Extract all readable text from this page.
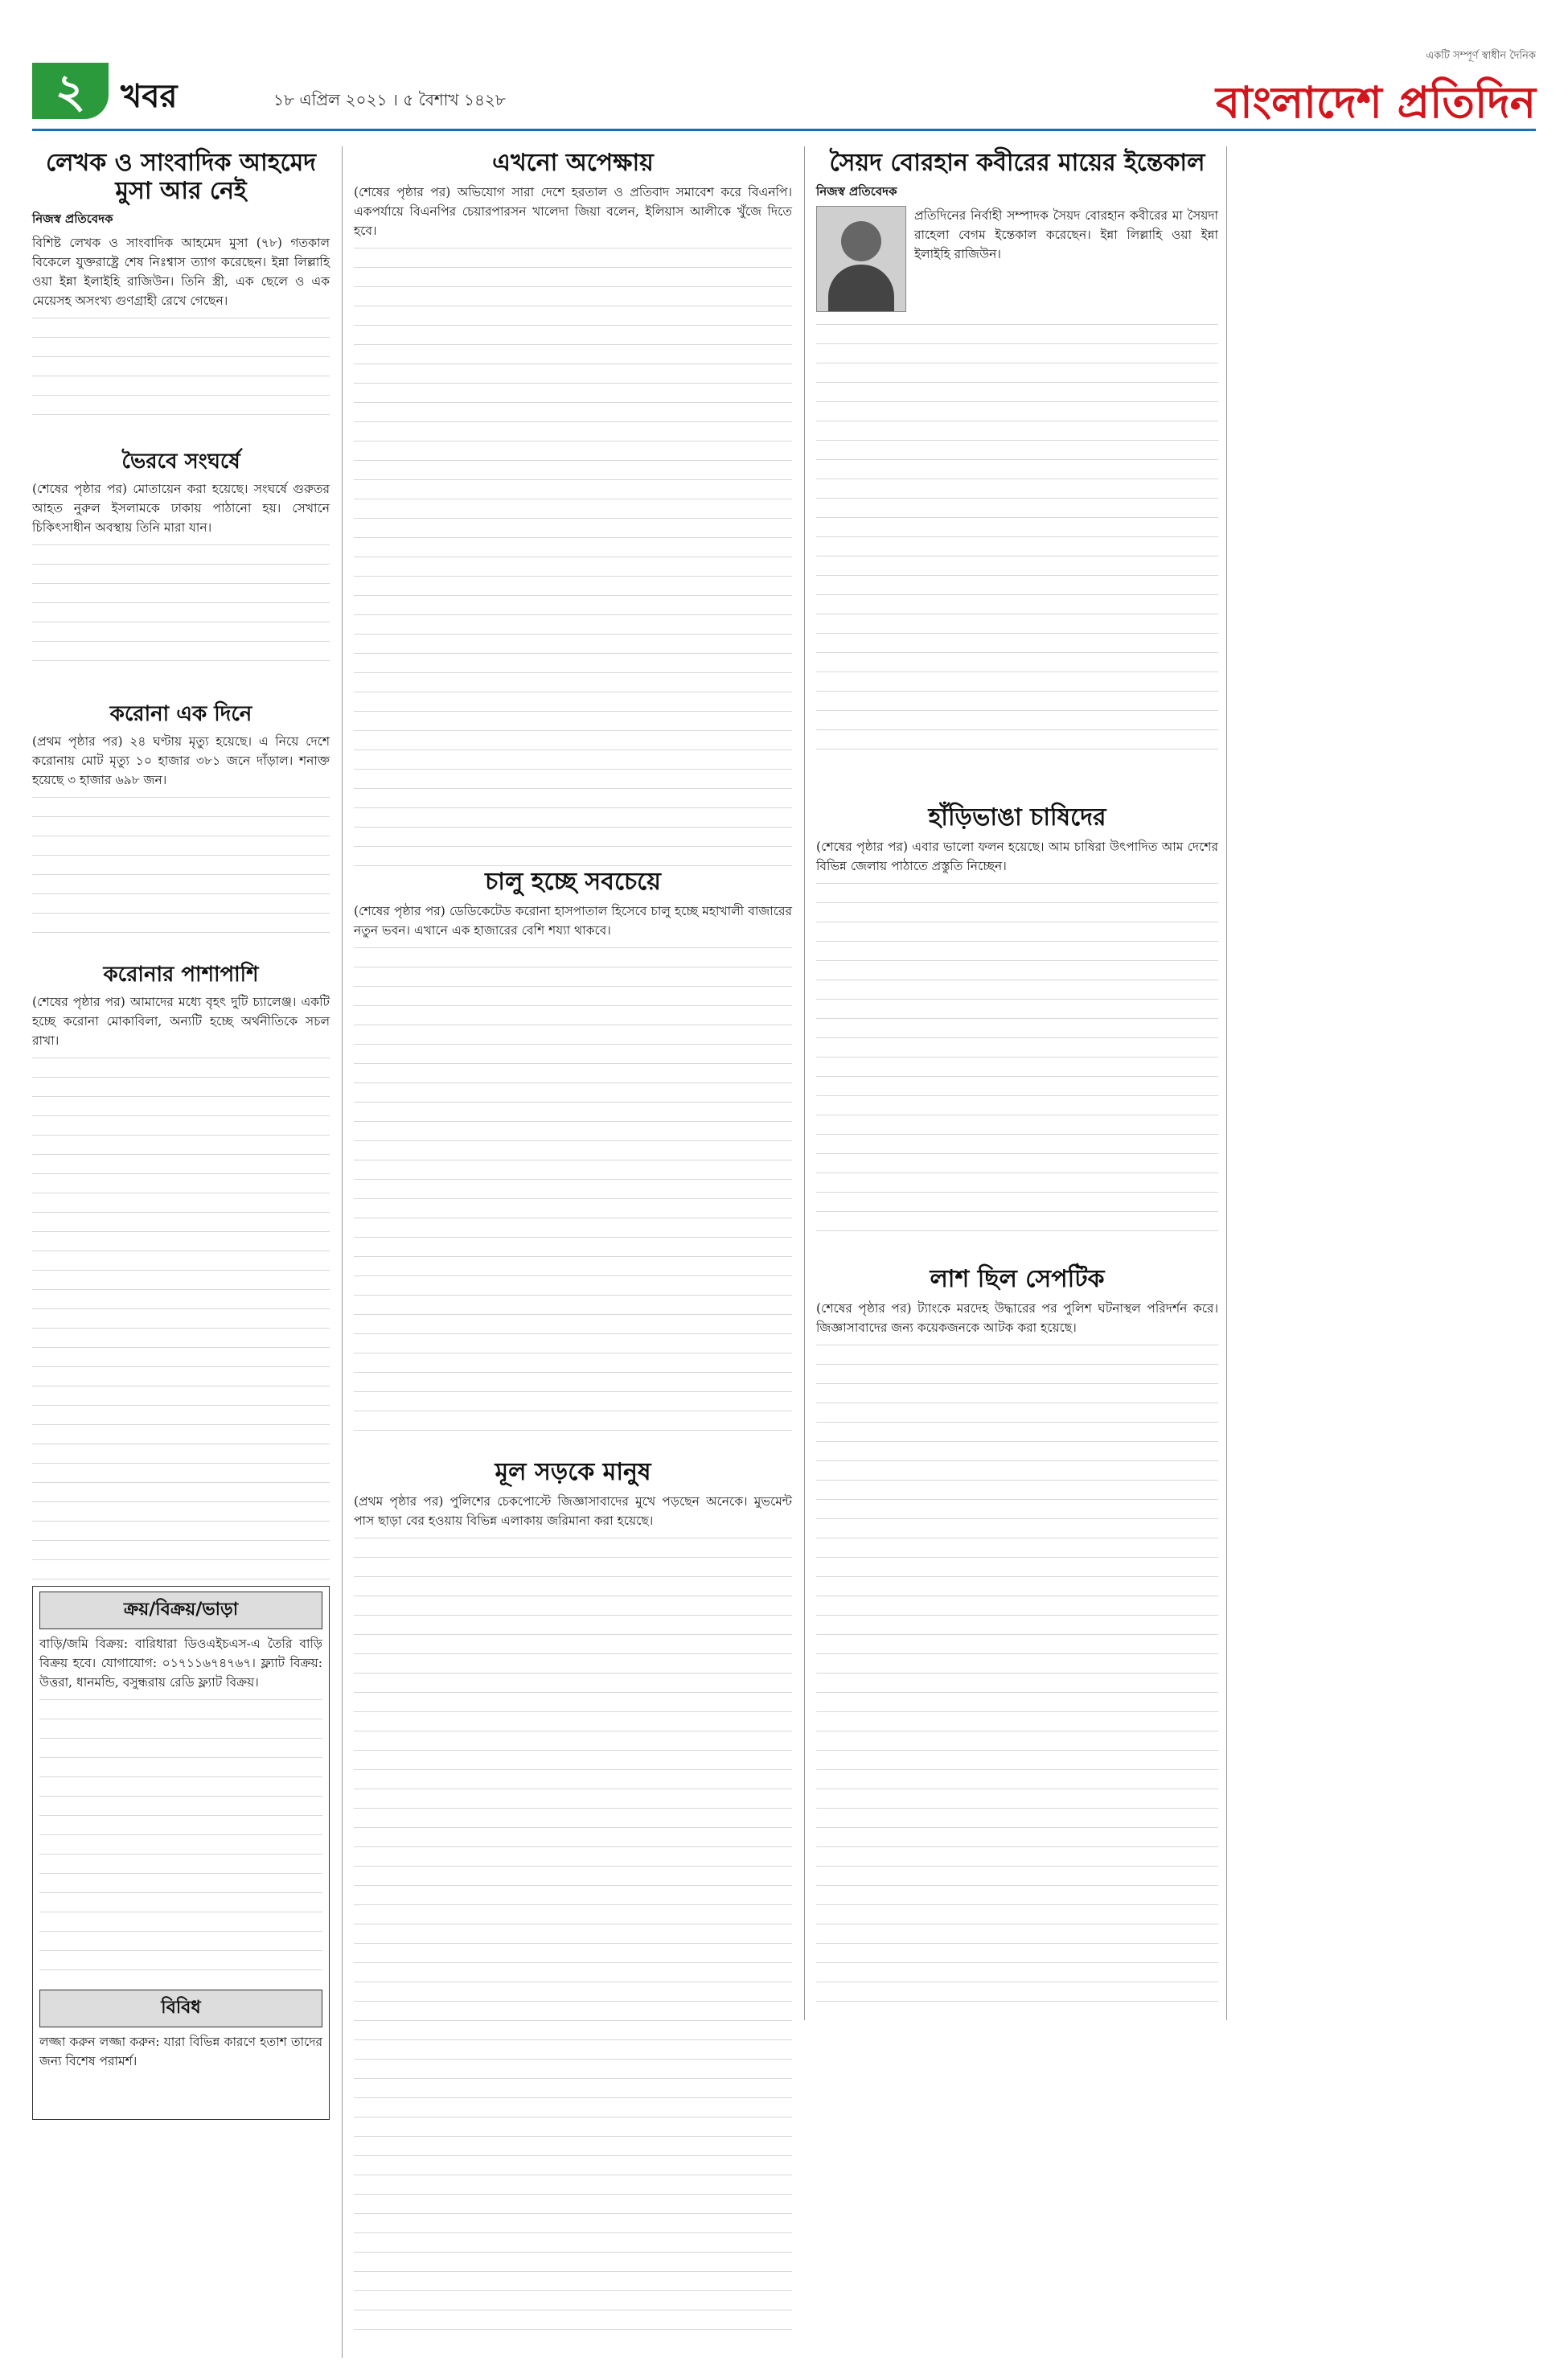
২	খবর	১৮ এপ্রিল ২০২১ । ৫ বৈশাখ ১৪২৮
একটি সম্পূর্ণ স্বাধীন দৈনিক
বাংলাদেশ প্রতিদিন
লেখক ও সাংবাদিক আহমেদ মুসা আর নেই
নিজস্ব প্রতিবেদক
বিশিষ্ট লেখক ও সাংবাদিক আহমেদ মুসা (৭৮) গতকাল বিকেলে যুক্তরাষ্ট্রে শেষ নিঃশ্বাস ত্যাগ করেছেন। ইন্না লিল্লাহি ওয়া ইন্না ইলাইহি রাজিউন। তিনি স্ত্রী, এক ছেলে ও এক মেয়েসহ অসংখ্য গুণগ্রাহী রেখে গেছেন।
ভৈরবে সংঘর্ষে
(শেষের পৃষ্ঠার পর) মোতায়েন করা হয়েছে। সংঘর্ষে গুরুতর আহত নুরুল ইসলামকে ঢাকায় পাঠানো হয়। সেখানে চিকিৎসাধীন অবস্থায় তিনি মারা যান।
করোনা এক দিনে
(প্রথম পৃষ্ঠার পর) ২৪ ঘণ্টায় মৃত্যু হয়েছে। এ নিয়ে দেশে করোনায় মোট মৃত্যু ১০ হাজার ৩৮১ জনে দাঁড়াল। শনাক্ত হয়েছে ৩ হাজার ৬৯৮ জন।
করোনার পাশাপাশি
(শেষের পৃষ্ঠার পর) আমাদের মধ্যে বৃহৎ দুটি চ্যালেঞ্জ। একটি হচ্ছে করোনা মোকাবিলা, অন্যটি হচ্ছে অর্থনীতিকে সচল রাখা।
ক্রয়/বিক্রয়/ভাড়া
বাড়ি/জমি বিক্রয়: বারিধারা ডিওএইচএস-এ তৈরি বাড়ি বিক্রয় হবে। যোগাযোগ: ০১৭১১৬৭৪৭৬৭। ফ্ল্যাট বিক্রয়: উত্তরা, ধানমন্ডি, বসুন্ধরায় রেডি ফ্ল্যাট বিক্রয়।
বিবিধ
লজ্জা করুন লজ্জা করুন: যারা বিভিন্ন কারণে হতাশ তাদের জন্য বিশেষ পরামর্শ।
এখনো অপেক্ষায়
(শেষের পৃষ্ঠার পর) অভিযোগ সারা দেশে হরতাল ও প্রতিবাদ সমাবেশ করে বিএনপি। একপর্যায়ে বিএনপির চেয়ারপারসন খালেদা জিয়া বলেন, ইলিয়াস আলীকে খুঁজে দিতে হবে।
চালু হচ্ছে সবচেয়ে
(শেষের পৃষ্ঠার পর) ডেডিকেটেড করোনা হাসপাতাল হিসেবে চালু হচ্ছে মহাখালী বাজারের নতুন ভবন। এখানে এক হাজারের বেশি শয্যা থাকবে।
মূল সড়কে মানুষ
(প্রথম পৃষ্ঠার পর) পুলিশের চেকপোস্টে জিজ্ঞাসাবাদের মুখে পড়ছেন অনেকে। মুভমেন্ট পাস ছাড়া বের হওয়ায় বিভিন্ন এলাকায় জরিমানা করা হয়েছে।
সৈয়দ বোরহান কবীরের মায়ের ইন্তেকাল
নিজস্ব প্রতিবেদক
প্রতিদিনের নির্বাহী সম্পাদক সৈয়দ বোরহান কবীরের মা সৈয়দা রাহেলা বেগম ইন্তেকাল করেছেন। ইন্না লিল্লাহি ওয়া ইন্না ইলাইহি রাজিউন।
হাঁড়িভাঙা চাষিদের
(শেষের পৃষ্ঠার পর) এবার ভালো ফলন হয়েছে। আম চাষিরা উৎপাদিত আম দেশের বিভিন্ন জেলায় পাঠাতে প্রস্তুতি নিচ্ছেন।
লাশ ছিল সেপটিক
(শেষের পৃষ্ঠার পর) ট্যাংকে মরদেহ উদ্ধারের পর পুলিশ ঘটনাস্থল পরিদর্শন করে। জিজ্ঞাসাবাদের জন্য কয়েকজনকে আটক করা হয়েছে।
